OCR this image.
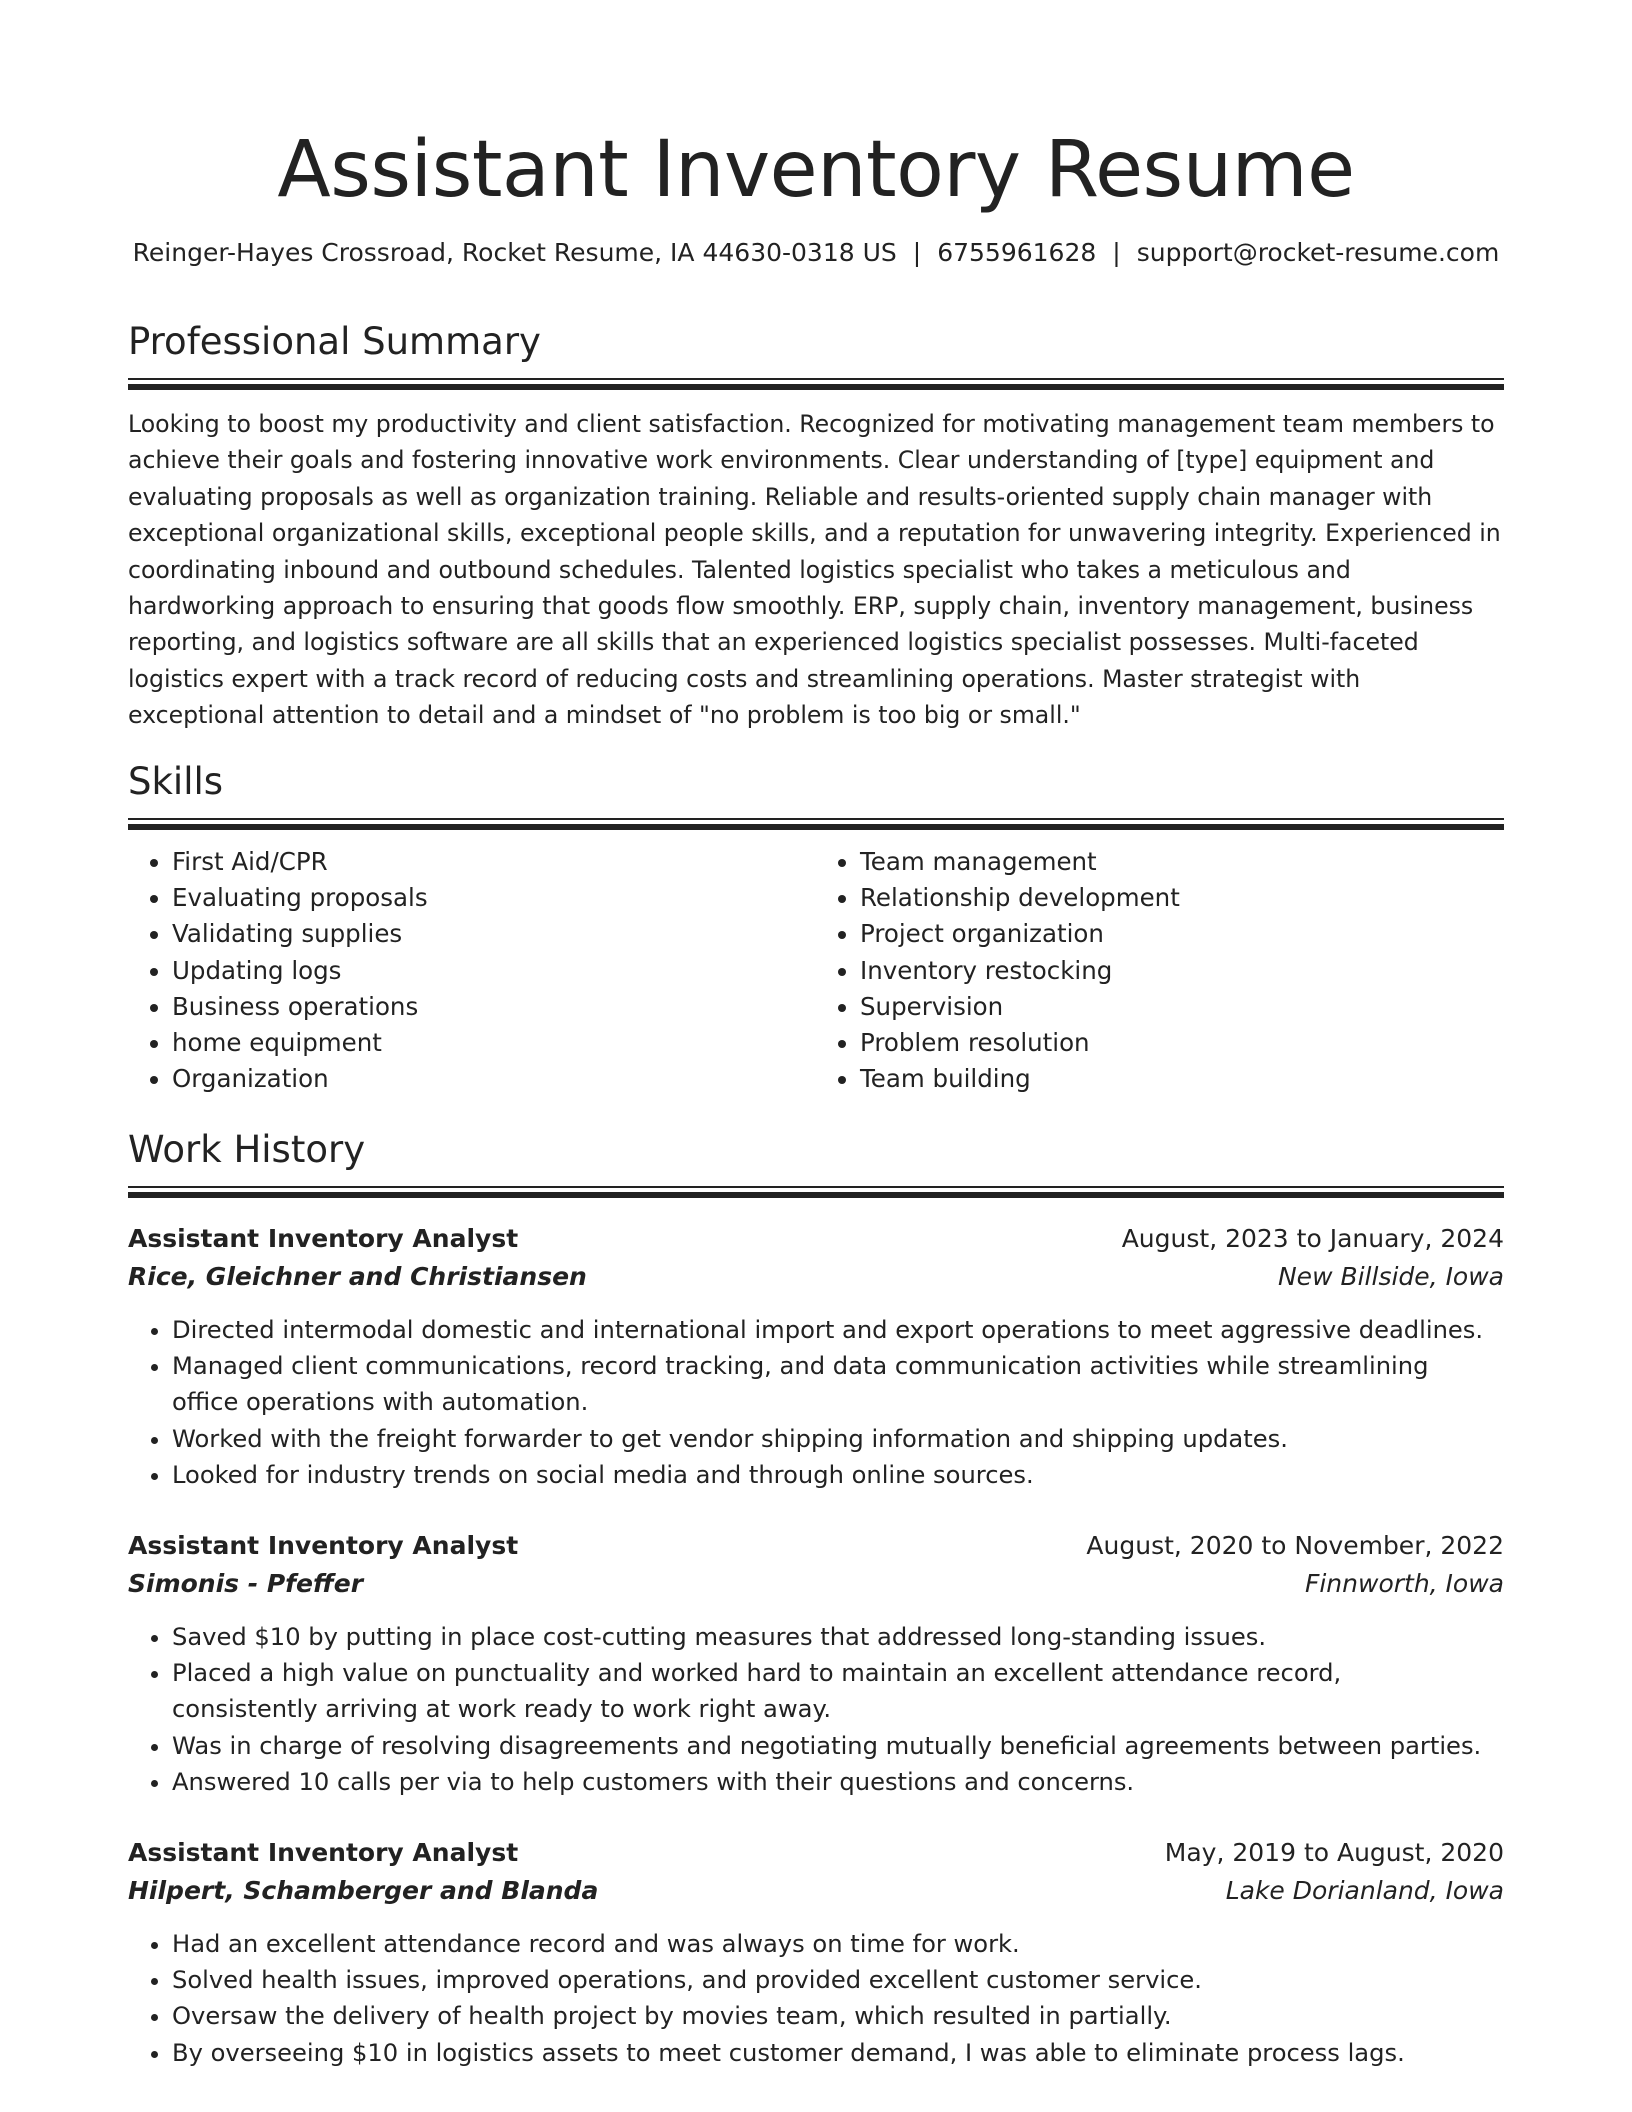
Assistant Inventory Resume
Reinger-Hayes Crossroad, Rocket Resume, IA 44630-0318 US | 6755961628 | support@rocket-resume.com
Professional Summary

Looking to boost my productivity and client satisfaction. Recognized for motivating management team members to achieve their goals and fostering innovative work environments. Clear understanding of [type] equipment and evaluating proposals as well as organization training. Reliable and results-oriented supply chain manager with exceptional organizational skills, exceptional people skills, and a reputation for unwavering integrity. Experienced in coordinating inbound and outbound schedules. Talented logistics specialist who takes a meticulous and hardworking approach to ensuring that goods flow smoothly. ERP, supply chain, inventory management, business reporting, and logistics software are all skills that an experienced logistics specialist possesses. Multi-faceted logistics expert with a track record of reducing costs and streamlining operations. Master strategist with exceptional attention to detail and a mindset of "no problem is too big or small."

Skills
• First Aid/CPR
• Evaluating proposals
• Validating supplies
• Updating logs
• Business operations
• home equipment
• Organization
• Team management
• Relationship development
• Project organization
• Inventory restocking
• Supervision
• Problem resolution
• Team building
Work History
Assistant Inventory Analyst	August, 2023 to January, 2024
Rice, Gleichner and Christiansen	New Billside, Iowa
• Directed intermodal domestic and international import and export operations to meet aggressive deadlines.
• Managed client communications, record tracking, and data communication activities while streamlining office operations with automation.
• Worked with the freight forwarder to get vendor shipping information and shipping updates.
• Looked for industry trends on social media and through online sources.
Assistant Inventory Analyst	August, 2020 to November, 2022
Simonis - Pfeffer	Finnworth, Iowa
• Saved $10 by putting in place cost-cutting measures that addressed long-standing issues.
• Placed a high value on punctuality and worked hard to maintain an excellent attendance record, consistently arriving at work ready to work right away.
• Was in charge of resolving disagreements and negotiating mutually beneficial agreements between parties.
• Answered 10 calls per via to help customers with their questions and concerns.
Assistant Inventory Analyst	May, 2019 to August, 2020
Hilpert, Schamberger and Blanda	Lake Dorianland, Iowa
• Had an excellent attendance record and was always on time for work.
• Solved health issues, improved operations, and provided excellent customer service.
• Oversaw the delivery of health project by movies team, which resulted in partially.
• By overseeing $10 in logistics assets to meet customer demand, I was able to eliminate process lags.
